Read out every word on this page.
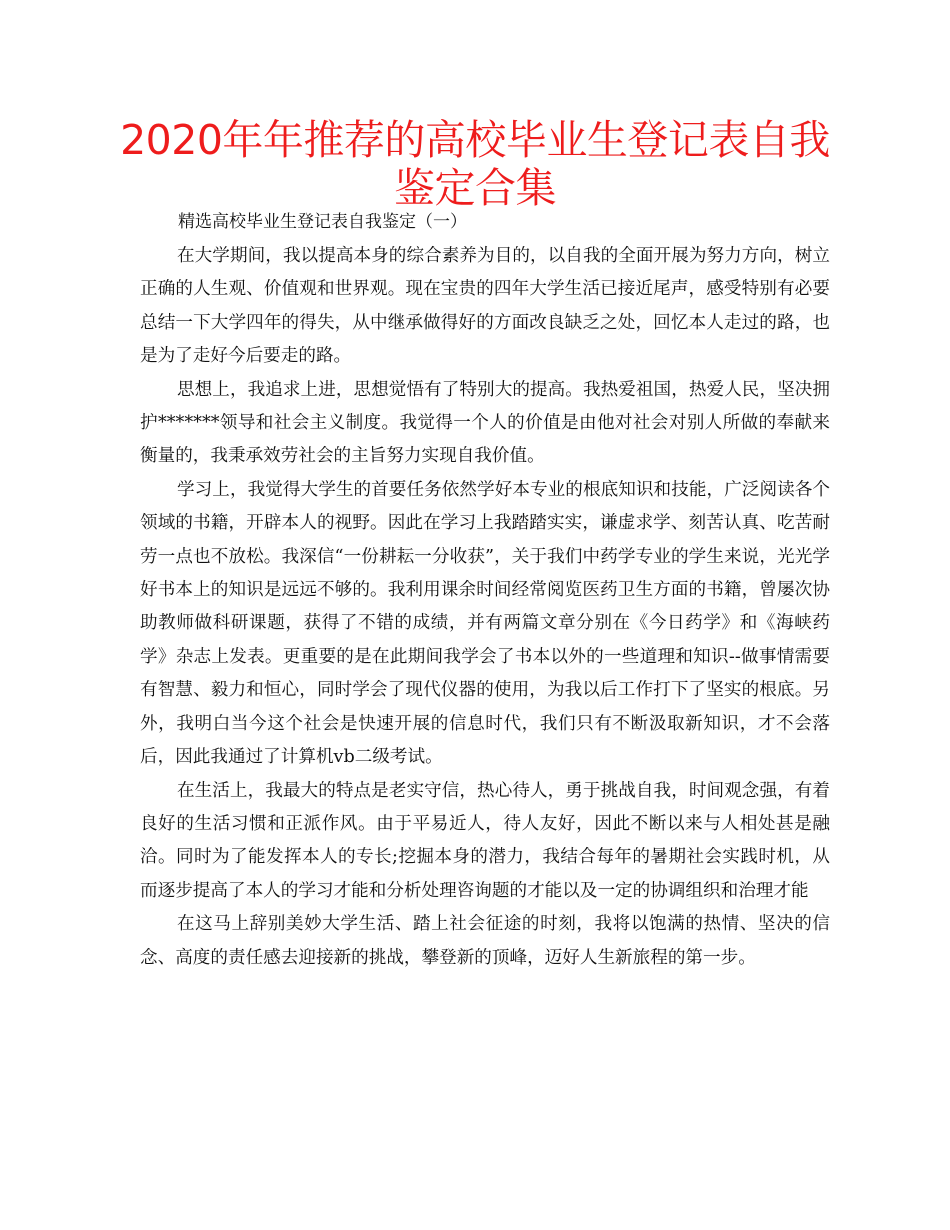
2020年年推荐的高校毕业生登记表自我鉴定合集

精选高校毕业生登记表自我鉴定（一）

在大学期间，我以提高本身的综合素养为目的，以自我的全面开展为努力方向，树立正确的人生观、价值观和世界观。现在宝贵的四年大学生活已接近尾声，感受特别有必要总结一下大学四年的得失，从中继承做得好的方面改良缺乏之处，回忆本人走过的路，也是为了走好今后要走的路。

思想上，我追求上进，思想觉悟有了特别大的提高。我热爱祖国，热爱人民，坚决拥护*******领导和社会主义制度。我觉得一个人的价值是由他对社会对别人所做的奉献来衡量的，我秉承效劳社会的主旨努力实现自我价值。

学习上，我觉得大学生的首要任务依然学好本专业的根底知识和技能，广泛阅读各个领域的书籍，开辟本人的视野。因此在学习上我踏踏实实，谦虚求学、刻苦认真、吃苦耐劳一点也不放松。我深信“一份耕耘一分收获”，关于我们中药学专业的学生来说，光光学好书本上的知识是远远不够的。我利用课余时间经常阅览医药卫生方面的书籍，曾屡次协助教师做科研课题，获得了不错的成绩，并有两篇文章分别在《今日药学》和《海峡药学》杂志上发表。更重要的是在此期间我学会了书本以外的一些道理和知识--做事情需要有智慧、毅力和恒心，同时学会了现代仪器的使用，为我以后工作打下了坚实的根底。另外，我明白当今这个社会是快速开展的信息时代，我们只有不断汲取新知识，才不会落后，因此我通过了计算机vb二级考试。

在生活上，我最大的特点是老实守信，热心待人，勇于挑战自我，时间观念强，有着良好的生活习惯和正派作风。由于平易近人，待人友好，因此不断以来与人相处甚是融洽。同时为了能发挥本人的专长;挖掘本身的潜力，我结合每年的暑期社会实践时机，从而逐步提高了本人的学习才能和分析处理咨询题的才能以及一定的协调组织和治理才能

在这马上辞别美妙大学生活、踏上社会征途的时刻，我将以饱满的热情、坚决的信念、高度的责任感去迎接新的挑战，攀登新的顶峰，迈好人生新旅程的第一步。
